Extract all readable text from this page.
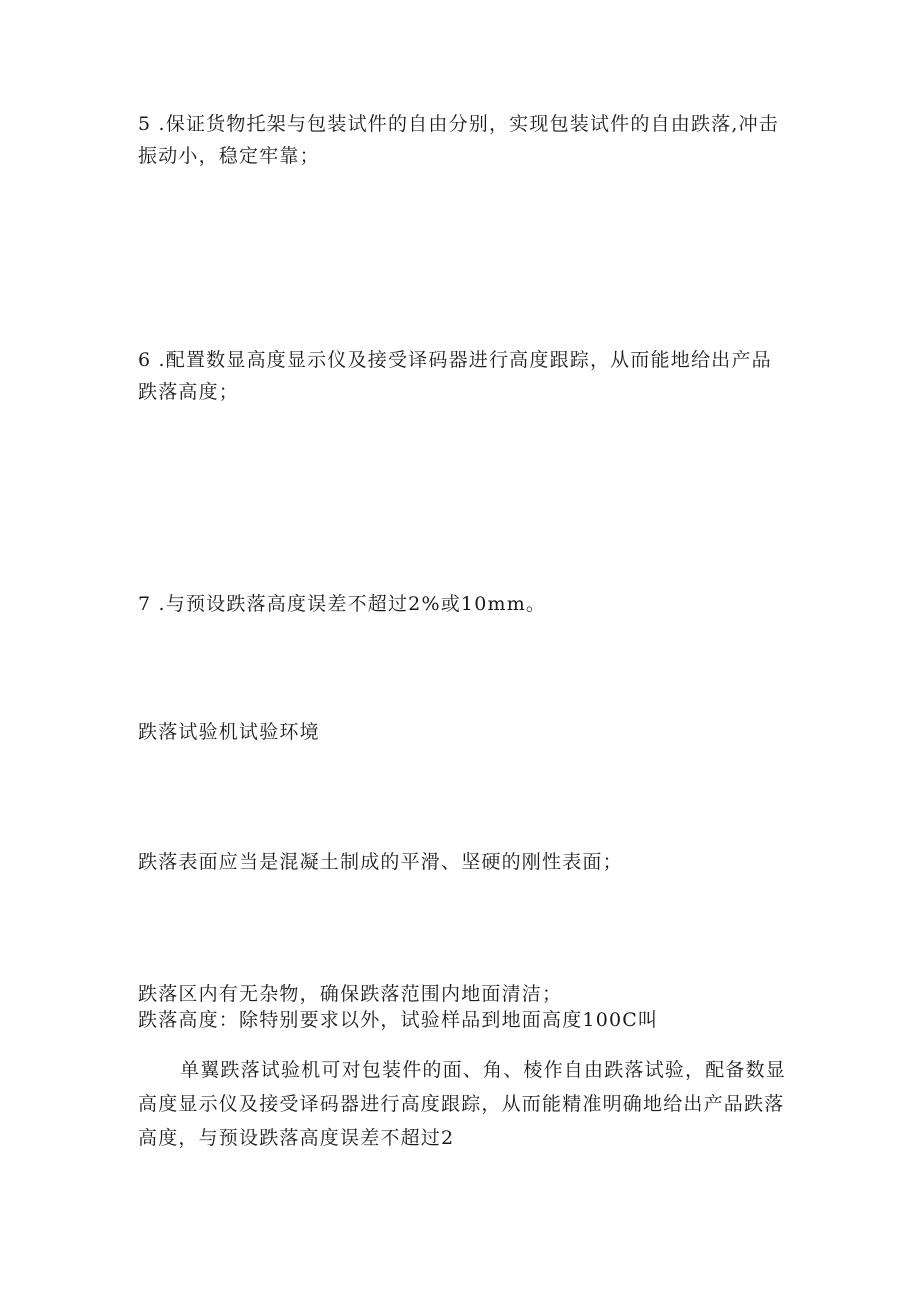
5 .保证货物托架与包装试件的自由分别，实现包装试件的自由跌落,冲击
振动小，稳定牢靠；
6 .配置数显高度显示仪及接受译码器进行高度跟踪，从而能地给出产品
跌落高度；
7 .与预设跌落高度误差不超过2%或10mm。
跌落试验机试验环境
跌落表面应当是混凝土制成的平滑、坚硬的刚性表面；
跌落区内有无杂物，确保跌落范围内地面清洁；
跌落高度：除特别要求以外，试验样品到地面高度100C叫
单翼跌落试验机可对包装件的面、角、棱作自由跌落试验，配备数显
高度显示仪及接受译码器进行高度跟踪，从而能精准明确地给出产品跌落
高度，与预设跌落高度误差不超过2
